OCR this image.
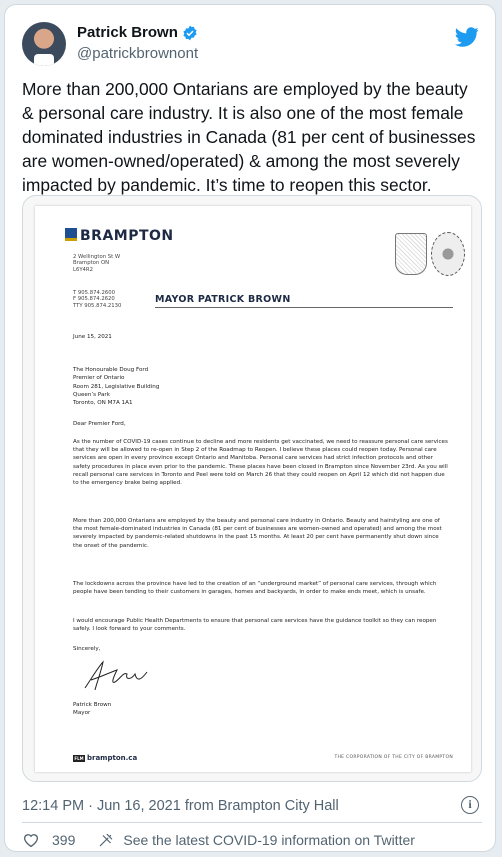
Patrick Brown
@patrickbrownont
More than 200,000 Ontarians are employed by the beauty & personal care industry. It is also one of the most female dominated industries in Canada (81 per cent of businesses are women-owned/operated) & among the most severely impacted by pandemic. It’s time to reopen this sector.
BRAMPTON
2 Wellington St W
Brampton ON
L6Y4R2
T 905.874.2600
F 905.874.2620
TTY 905.874.2130
MAYOR PATRICK BROWN
June 15, 2021
The Honourable Doug Ford
Premier of Ontario
Room 281, Legislative Building
Queen’s Park
Toronto, ON M7A 1A1
Dear Premier Ford,
As the number of COVID-19 cases continue to decline and more residents get vaccinated, we need to reassure personal care services that they will be allowed to re-open in Step 2 of the Roadmap to Reopen. I believe these places could reopen today. Personal care services are open in every province except Ontario and Manitoba. Personal care services had strict infection protocols and other safety procedures in place even prior to the pandemic. These places have been closed in Brampton since November 23rd. As you will recall personal care services in Toronto and Peel were told on March 26 that they could reopen on April 12 which did not happen due to the emergency brake being applied.
More than 200,000 Ontarians are employed by the beauty and personal care industry in Ontario. Beauty and hairstyling are one of the most female-dominated industries in Canada (81 per cent of businesses are women-owned and operated) and among the most severely impacted by pandemic-related shutdowns in the past 15 months. At least 20 per cent have permanently shut down since the onset of the pandemic.
The lockdowns across the province have led to the creation of an “underground market” of personal care services, through which people have been tending to their customers in garages, homes and backyards, in order to make ends meet, which is unsafe.
I would encourage Public Health Departments to ensure that personal care services have the guidance toolkit so they can reopen safely. I look forward to your comments.
Sincerely,
Patrick Brown
Mayor
FLM brampton.ca	THE CORPORATION OF THE CITY OF BRAMPTON
12:14 PM · Jun 16, 2021 from Brampton City Hall	i
399	See the latest COVID-19 information on Twitter
